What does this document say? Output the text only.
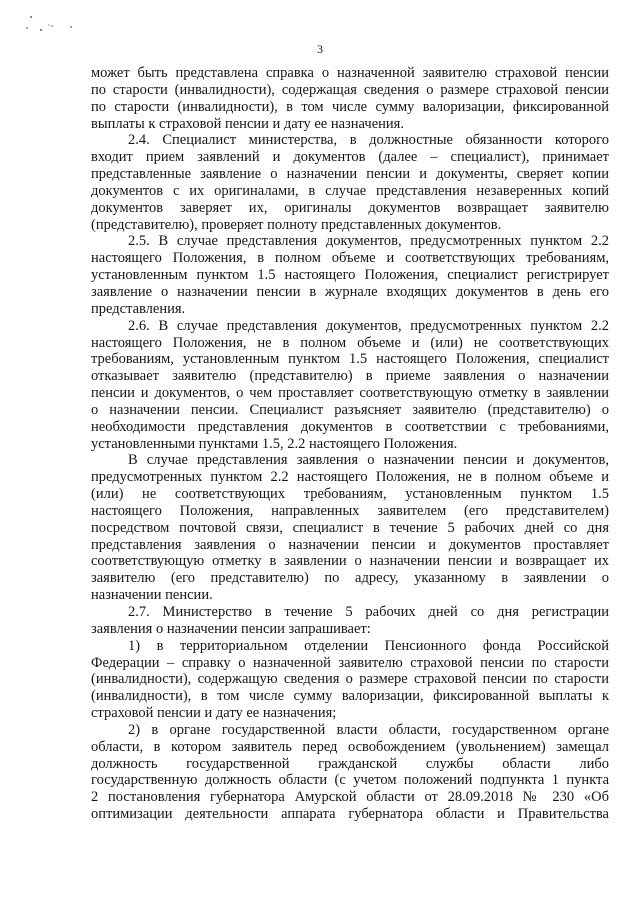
3
может быть представлена справка о назначенной заявителю страховой пенсии
по старости (инвалидности), содержащая сведения о размере страховой пенсии
по старости (инвалидности), в том числе сумму валоризации, фиксированной
выплаты к страховой пенсии и дату ее назначения.
2.4. Специалист министерства, в должностные обязанности которого
входит прием заявлений и документов (далее – специалист), принимает
представленные заявление о назначении пенсии и документы, сверяет копии
документов с их оригиналами, в случае представления незаверенных копий
документов заверяет их, оригиналы документов возвращает заявителю
(представителю), проверяет полноту представленных документов.
2.5. В случае представления документов, предусмотренных пунктом 2.2
настоящего Положения, в полном объеме и соответствующих требованиям,
установленным пунктом 1.5 настоящего Положения, специалист регистрирует
заявление о назначении пенсии в журнале входящих документов в день его
представления.
2.6. В случае представления документов, предусмотренных пунктом 2.2
настоящего Положения, не в полном объеме и (или) не соответствующих
требованиям, установленным пунктом 1.5 настоящего Положения, специалист
отказывает заявителю (представителю) в приеме заявления о назначении
пенсии и документов, о чем проставляет соответствующую отметку в заявлении
о назначении пенсии. Специалист разъясняет заявителю (представителю) о
необходимости представления документов в соответствии с требованиями,
установленными пунктами 1.5, 2.2 настоящего Положения.
В случае представления заявления о назначении пенсии и документов,
предусмотренных пунктом 2.2 настоящего Положения, не в полном объеме и
(или) не соответствующих требованиям, установленным пунктом 1.5
настоящего Положения, направленных заявителем (его представителем)
посредством почтовой связи, специалист в течение 5 рабочих дней со дня
представления заявления о назначении пенсии и документов проставляет
соответствующую отметку в заявлении о назначении пенсии и возвращает их
заявителю (его представителю) по адресу, указанному в заявлении о
назначении пенсии.
2.7. Министерство в течение 5 рабочих дней со дня регистрации
заявления о назначении пенсии запрашивает:
1) в территориальном отделении Пенсионного фонда Российской
Федерации – справку о назначенной заявителю страховой пенсии по старости
(инвалидности), содержащую сведения о размере страховой пенсии по старости
(инвалидности), в том числе сумму валоризации, фиксированной выплаты к
страховой пенсии и дату ее назначения;
2) в органе государственной власти области, государственном органе
области, в котором заявитель перед освобождением (увольнением) замещал
должность государственной гражданской службы области либо
государственную должность области (с учетом положений подпункта 1 пункта
2 постановления губернатора Амурской области от 28.09.2018 № 230 «Об
оптимизации деятельности аппарата губернатора области и Правительства
